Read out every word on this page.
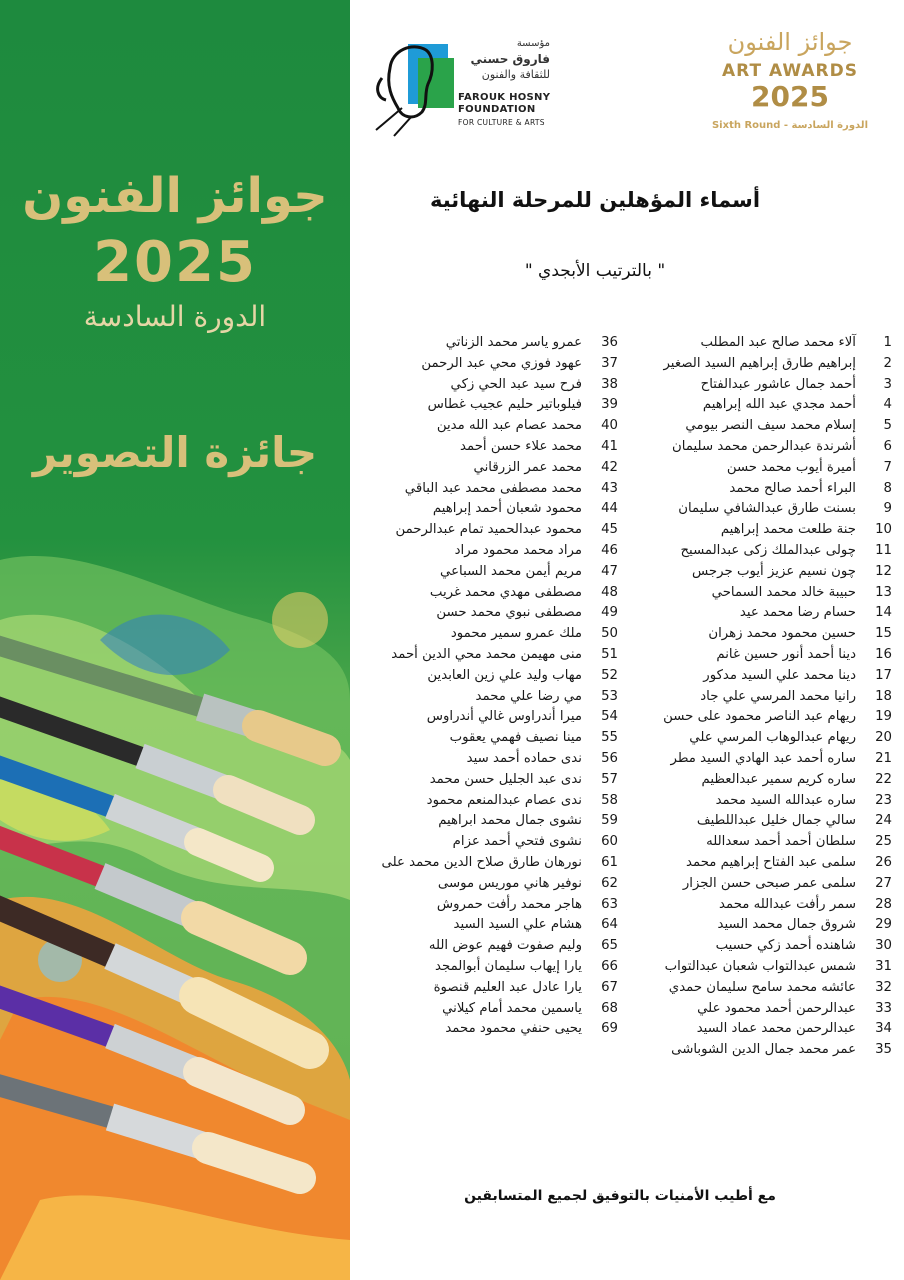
جوائز الفنون
2025
الدورة السادسة
جائزة التصوير
مؤسسة
فاروق حسني
للثقافة والفنون
FAROUK HOSNY
FOUNDATION
FOR CULTURE & ARTS
جوائز الفنون
ART AWARDS
2025
Sixth Round - الدورة السادسة
أسماء المؤهلين للمرحلة النهائية
" بالترتيب الأبجدي "
1
آلاء محمد صالح عبد المطلب
2
إبراهيم طارق إبراهيم السيد الصغير
3
أحمد جمال عاشور عبدالفتاح
4
أحمد مجدي عبد الله إبراهيم
5
إسلام محمد سيف النصر بيومي
6
أشرندة عبدالرحمن محمد سليمان
7
أميرة أيوب محمد حسن
8
البراء أحمد صالح محمد
9
بسنت طارق عبدالشافي سليمان
10
جنة طلعت محمد إبراهيم
11
چولى عبدالملك زكى عبدالمسيح
12
چون نسيم عزيز أيوب جرجس
13
حبيبة خالد محمد السماحي
14
حسام رضا محمد عيد
15
حسين محمود محمد زهران
16
دينا أحمد أنور حسين غانم
17
دينا محمد علي السيد مدكور
18
رانيا محمد المرسي علي جاد
19
ريهام عبد الناصر محمود على حسن
20
ريهام عبدالوهاب المرسي علي
21
ساره أحمد عبد الهادي السيد مطر
22
ساره كريم سمير عبدالعظيم
23
ساره عبدالله السيد محمد
24
سالي جمال خليل عبداللطيف
25
سلطان أحمد أحمد سعدالله
26
سلمى عبد الفتاح إبراهيم محمد
27
سلمى عمر صبحى حسن الجزار
28
سمر رأفت عبدالله محمد
29
شروق جمال محمد السيد
30
شاهنده أحمد زكي حسيب
31
شمس عبدالتواب شعبان عبدالتواب
32
عائشه محمد سامح سليمان حمدي
33
عبدالرحمن أحمد محمود علي
34
عبدالرحمن محمد عماد السيد
35
عمر محمد جمال الدين الشوباشى
36
عمرو ياسر محمد الزناتي
37
عهود فوزي محي عبد الرحمن
38
فرح سيد عبد الحي زكي
39
فيلوباتير حليم عجيب غطاس
40
محمد عصام عبد الله مدين
41
محمد علاء حسن أحمد
42
محمد عمر الزرقاني
43
محمد مصطفى محمد عبد الباقي
44
محمود شعبان أحمد إبراهيم
45
محمود عبدالحميد تمام عبدالرحمن
46
مراد محمد محمود مراد
47
مريم أيمن محمد السباعي
48
مصطفى مهدي محمد غريب
49
مصطفى نبوي محمد حسن
50
ملك عمرو سمير محمود
51
منى مهيمن محمد محي الدين أحمد
52
مهاب وليد علي زين العابدين
53
مي رضا علي محمد
54
ميرا أندراوس غالي أندراوس
55
مينا نصيف فهمي يعقوب
56
ندى حماده أحمد سيد
57
ندى عبد الجليل حسن محمد
58
ندى عصام عبدالمنعم محمود
59
نشوى جمال محمد ابراهيم
60
نشوى فتحي أحمد عزام
61
نورهان طارق صلاح الدين محمد على
62
نوفير هاني موريس موسى
63
هاجر محمد رأفت حمروش
64
هشام علي السيد السيد
65
وليم صفوت فهيم عوض الله
66
يارا إيهاب سليمان أبوالمجد
67
يارا عادل عبد العليم قنصوة
68
ياسمين محمد أمام كيلاني
69
يحيى حنفي محمود محمد
مع أطيب الأمنيات بالتوفيق لجميع المتسابقين
